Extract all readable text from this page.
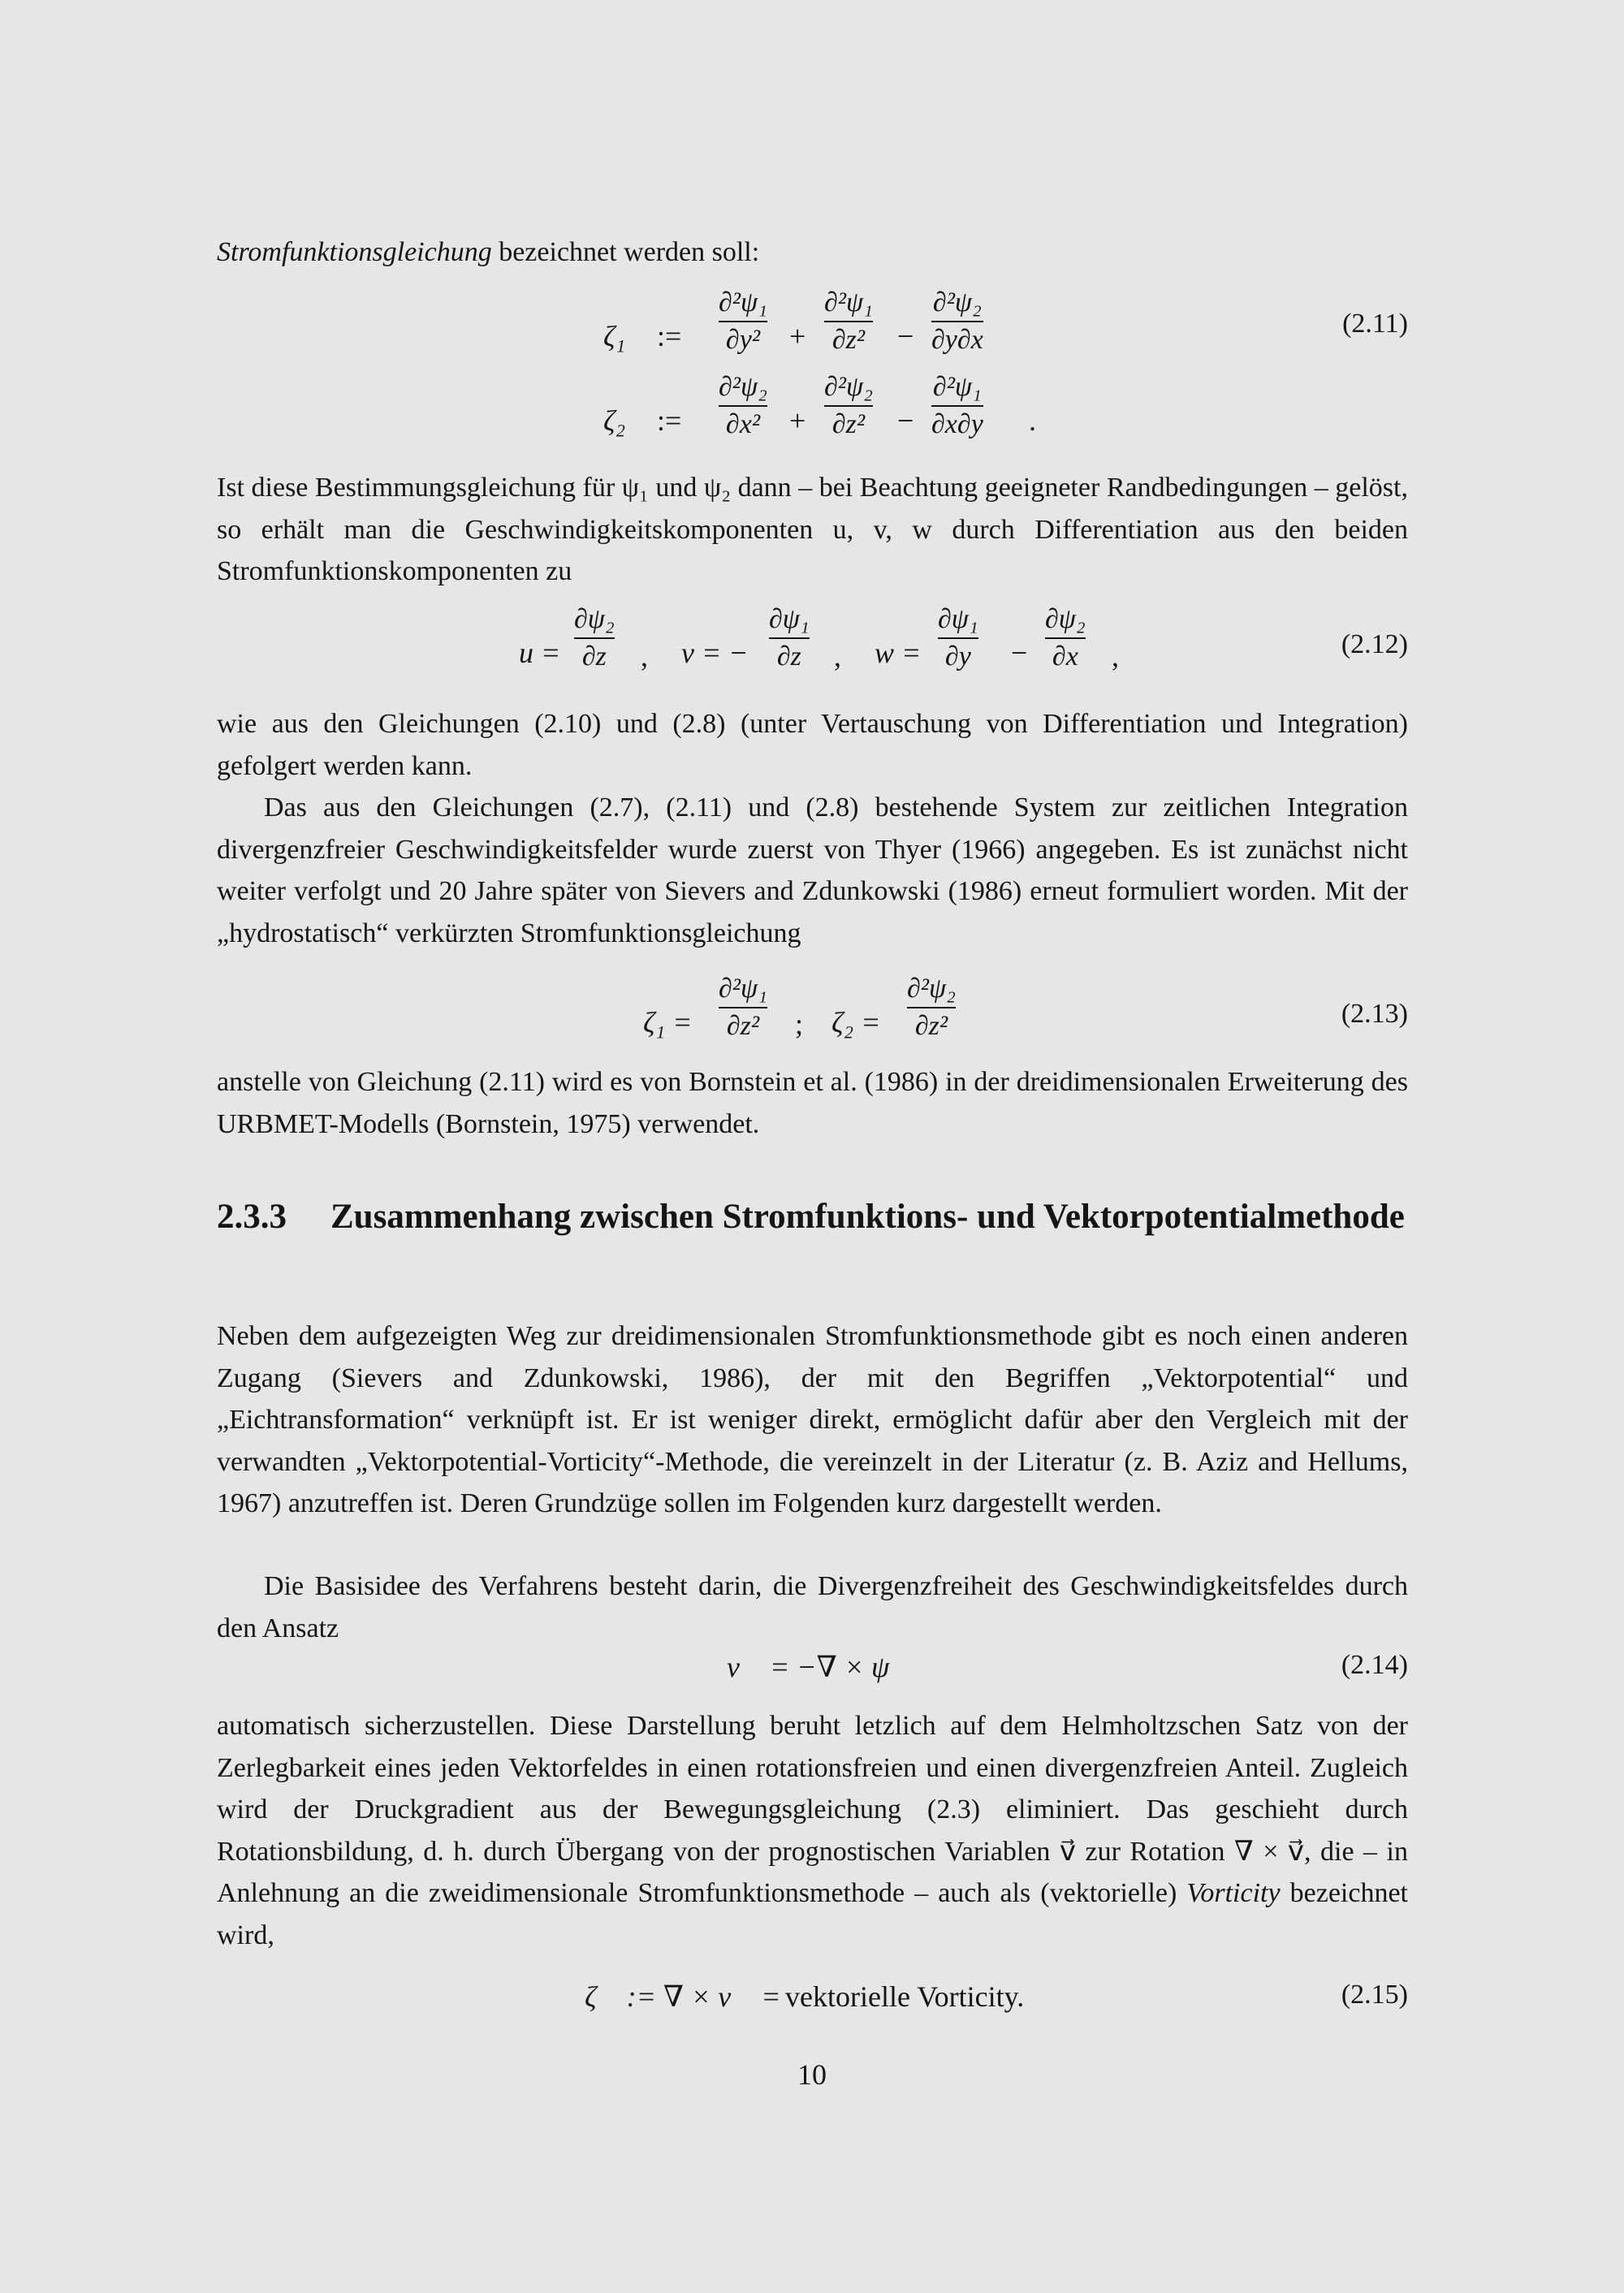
Stromfunktionsgleichung bezeichnet werden soll:

ζ₁ :=
∂²ψ₁
∂y² +
∂²ψ₁
∂z² −
∂²ψ₂
∂y∂x
(2.11)
ζ₂ :=
∂²ψ₂
∂x² +
∂²ψ₂
∂z² −
∂²ψ₁
∂x∂y .

Ist diese Bestimmungsgleichung für ψ₁ und ψ₂ dann – bei Beachtung geeigneter Randbedingungen – gelöst, so erhält man die Geschwindigkeitskomponenten u, v, w durch Differentiation aus den beiden Stromfunktionskomponenten zu

u =
∂ψ₂
∂z , v = −
∂ψ₁
∂z , w =
∂ψ₁
∂y −
∂ψ₂
∂x ,	(2.12)

wie aus den Gleichungen (2.10) und (2.8) (unter Vertauschung von Differentiation und Integration) gefolgert werden kann.

Das aus den Gleichungen (2.7), (2.11) und (2.8) bestehende System zur zeitlichen Integration divergenzfreier Geschwindigkeitsfelder wurde zuerst von Thyer (1966) angegeben. Es ist zunächst nicht weiter verfolgt und 20 Jahre später von Sievers and Zdunkowski (1986) erneut formuliert worden. Mit der „hydrostatisch“ verkürzten Stromfunktionsgleichung

ζ₁ =
∂²ψ₁
∂z² ; ζ₂ =
∂²ψ₂
∂z²	(2.13)

anstelle von Gleichung (2.11) wird es von Bornstein et al. (1986) in der dreidimensionalen Erweiterung des URBMET-Modells (Bornstein, 1975) verwendet.

2.3.3 Zusammenhang zwischen Stromfunktions- und Vektorpotentialmethode

Neben dem aufgezeigten Weg zur dreidimensionalen Stromfunktionsmethode gibt es noch einen anderen Zugang (Sievers and Zdunkowski, 1986), der mit den Begriffen „Vektorpotential“ und „Eichtransformation“ verknüpft ist. Er ist weniger direkt, ermöglicht dafür aber den Vergleich mit der verwandten „Vektorpotential-Vorticity“-Methode, die vereinzelt in der Literatur (z. B. Aziz and Hellums, 1967) anzutreffen ist. Deren Grundzüge sollen im Folgenden kurz dargestellt werden.

Die Basisidee des Verfahrens besteht darin, die Divergenzfreiheit des Geschwindigkeitsfeldes durch den Ansatz

v⃗ = −∇ × ψ⃗	(2.14)

automatisch sicherzustellen. Diese Darstellung beruht letzlich auf dem Helmholtzschen Satz von der Zerlegbarkeit eines jeden Vektorfeldes in einen rotationsfreien und einen divergenzfreien Anteil. Zugleich wird der Druckgradient aus der Bewegungsgleichung (2.3) eliminiert. Das geschieht durch Rotationsbildung, d. h. durch Übergang von der prognostischen Variablen v⃗ zur Rotation ∇ × v⃗, die – in Anlehnung an die zweidimensionale Stromfunktionsmethode – auch als (vektorielle) Vorticity bezeichnet wird,

ζ⃗ := ∇ × v⃗ = vektorielle Vorticity.	(2.15)
10
